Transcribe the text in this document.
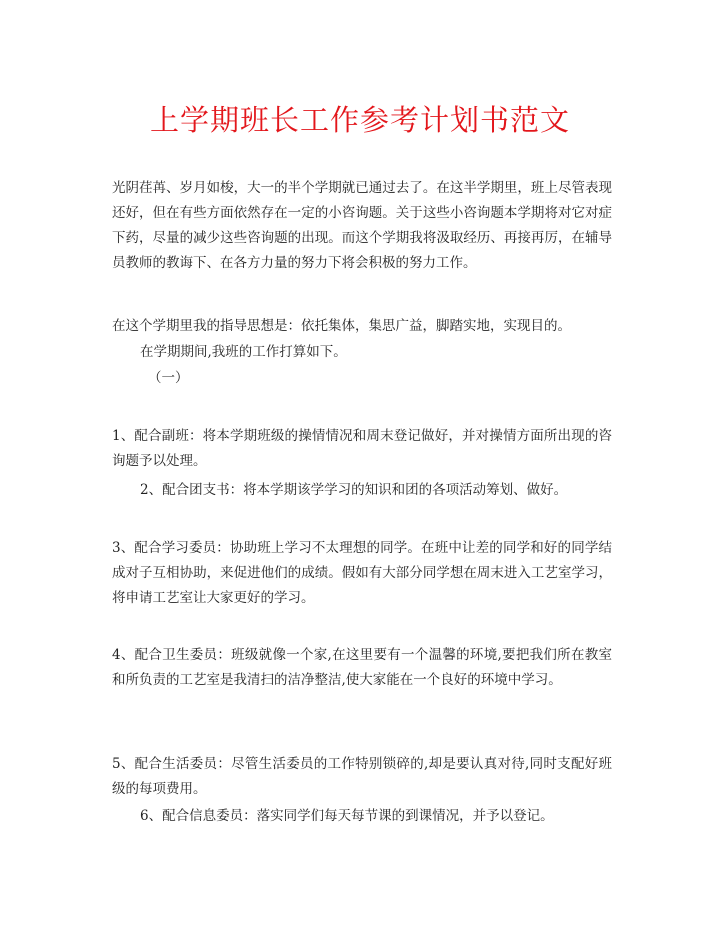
上学期班长工作参考计划书范文

光阴荏苒、岁月如梭，大一的半个学期就已通过去了。在这半学期里，班上尽管表现还好，但在有些方面依然存在一定的小咨询题。关于这些小咨询题本学期将对它对症下药，尽量的减少这些咨询题的出现。而这个学期我将汲取经历、再接再厉，在辅导员教师的教诲下、在各方力量的努力下将会积极的努力工作。

在这个学期里我的指导思想是：依托集体，集思广益，脚踏实地，实现目的。

在学期期间,我班的工作打算如下。

（一）

1、配合副班：将本学期班级的操情情况和周末登记做好，并对操情方面所出现的咨询题予以处理。

2、配合团支书：将本学期该学学习的知识和团的各项活动筹划、做好。

3、配合学习委员：协助班上学习不太理想的同学。在班中让差的同学和好的同学结成对子互相协助，来促进他们的成绩。假如有大部分同学想在周末进入工艺室学习，将申请工艺室让大家更好的学习。

4、配合卫生委员：班级就像一个家,在这里要有一个温馨的环境,要把我们所在教室和所负责的工艺室是我清扫的洁净整洁,使大家能在一个良好的环境中学习。

5、配合生活委员：尽管生活委员的工作特别锁碎的,却是要认真对待,同时支配好班级的每项费用。

6、配合信息委员：落实同学们每天每节课的到课情况，并予以登记。
